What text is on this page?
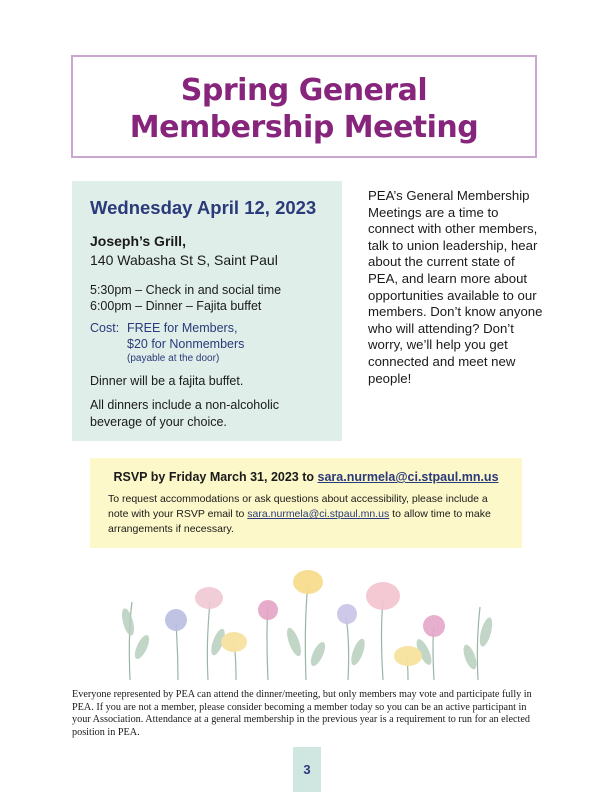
Spring General
Membership Meeting
Wednesday April 12, 2023
Joseph’s Grill,
140 Wabasha St S, Saint Paul
5:30pm – Check in and social time
6:00pm – Dinner – Fajita buffet
Cost: FREE for Members,
$20 for Nonmembers
(payable at the door)
Dinner will be a fajita buffet.
All dinners include a non-alcoholic beverage of your choice.
PEA’s General Membership Meetings are a time to connect with other members, talk to union leadership, hear about the current state of PEA, and learn more about opportunities available to our members. Don’t know anyone who will attending? Don’t worry, we’ll help you get connected and meet new people!
RSVP by Friday March 31, 2023 to sara.nurmela@ci.stpaul.mn.us
To request accommodations or ask questions about accessibility, please include a note with your RSVP email to sara.nurmela@ci.stpaul.mn.us to allow time to make arrangements if necessary.
Everyone represented by PEA can attend the dinner/meeting, but only members may vote and participate fully in PEA. If you are not a member, please consider becoming a member today so you can be an active participant in your Association. Attendance at a general membership in the previous year is a requirement to run for an elected position in PEA.
3
